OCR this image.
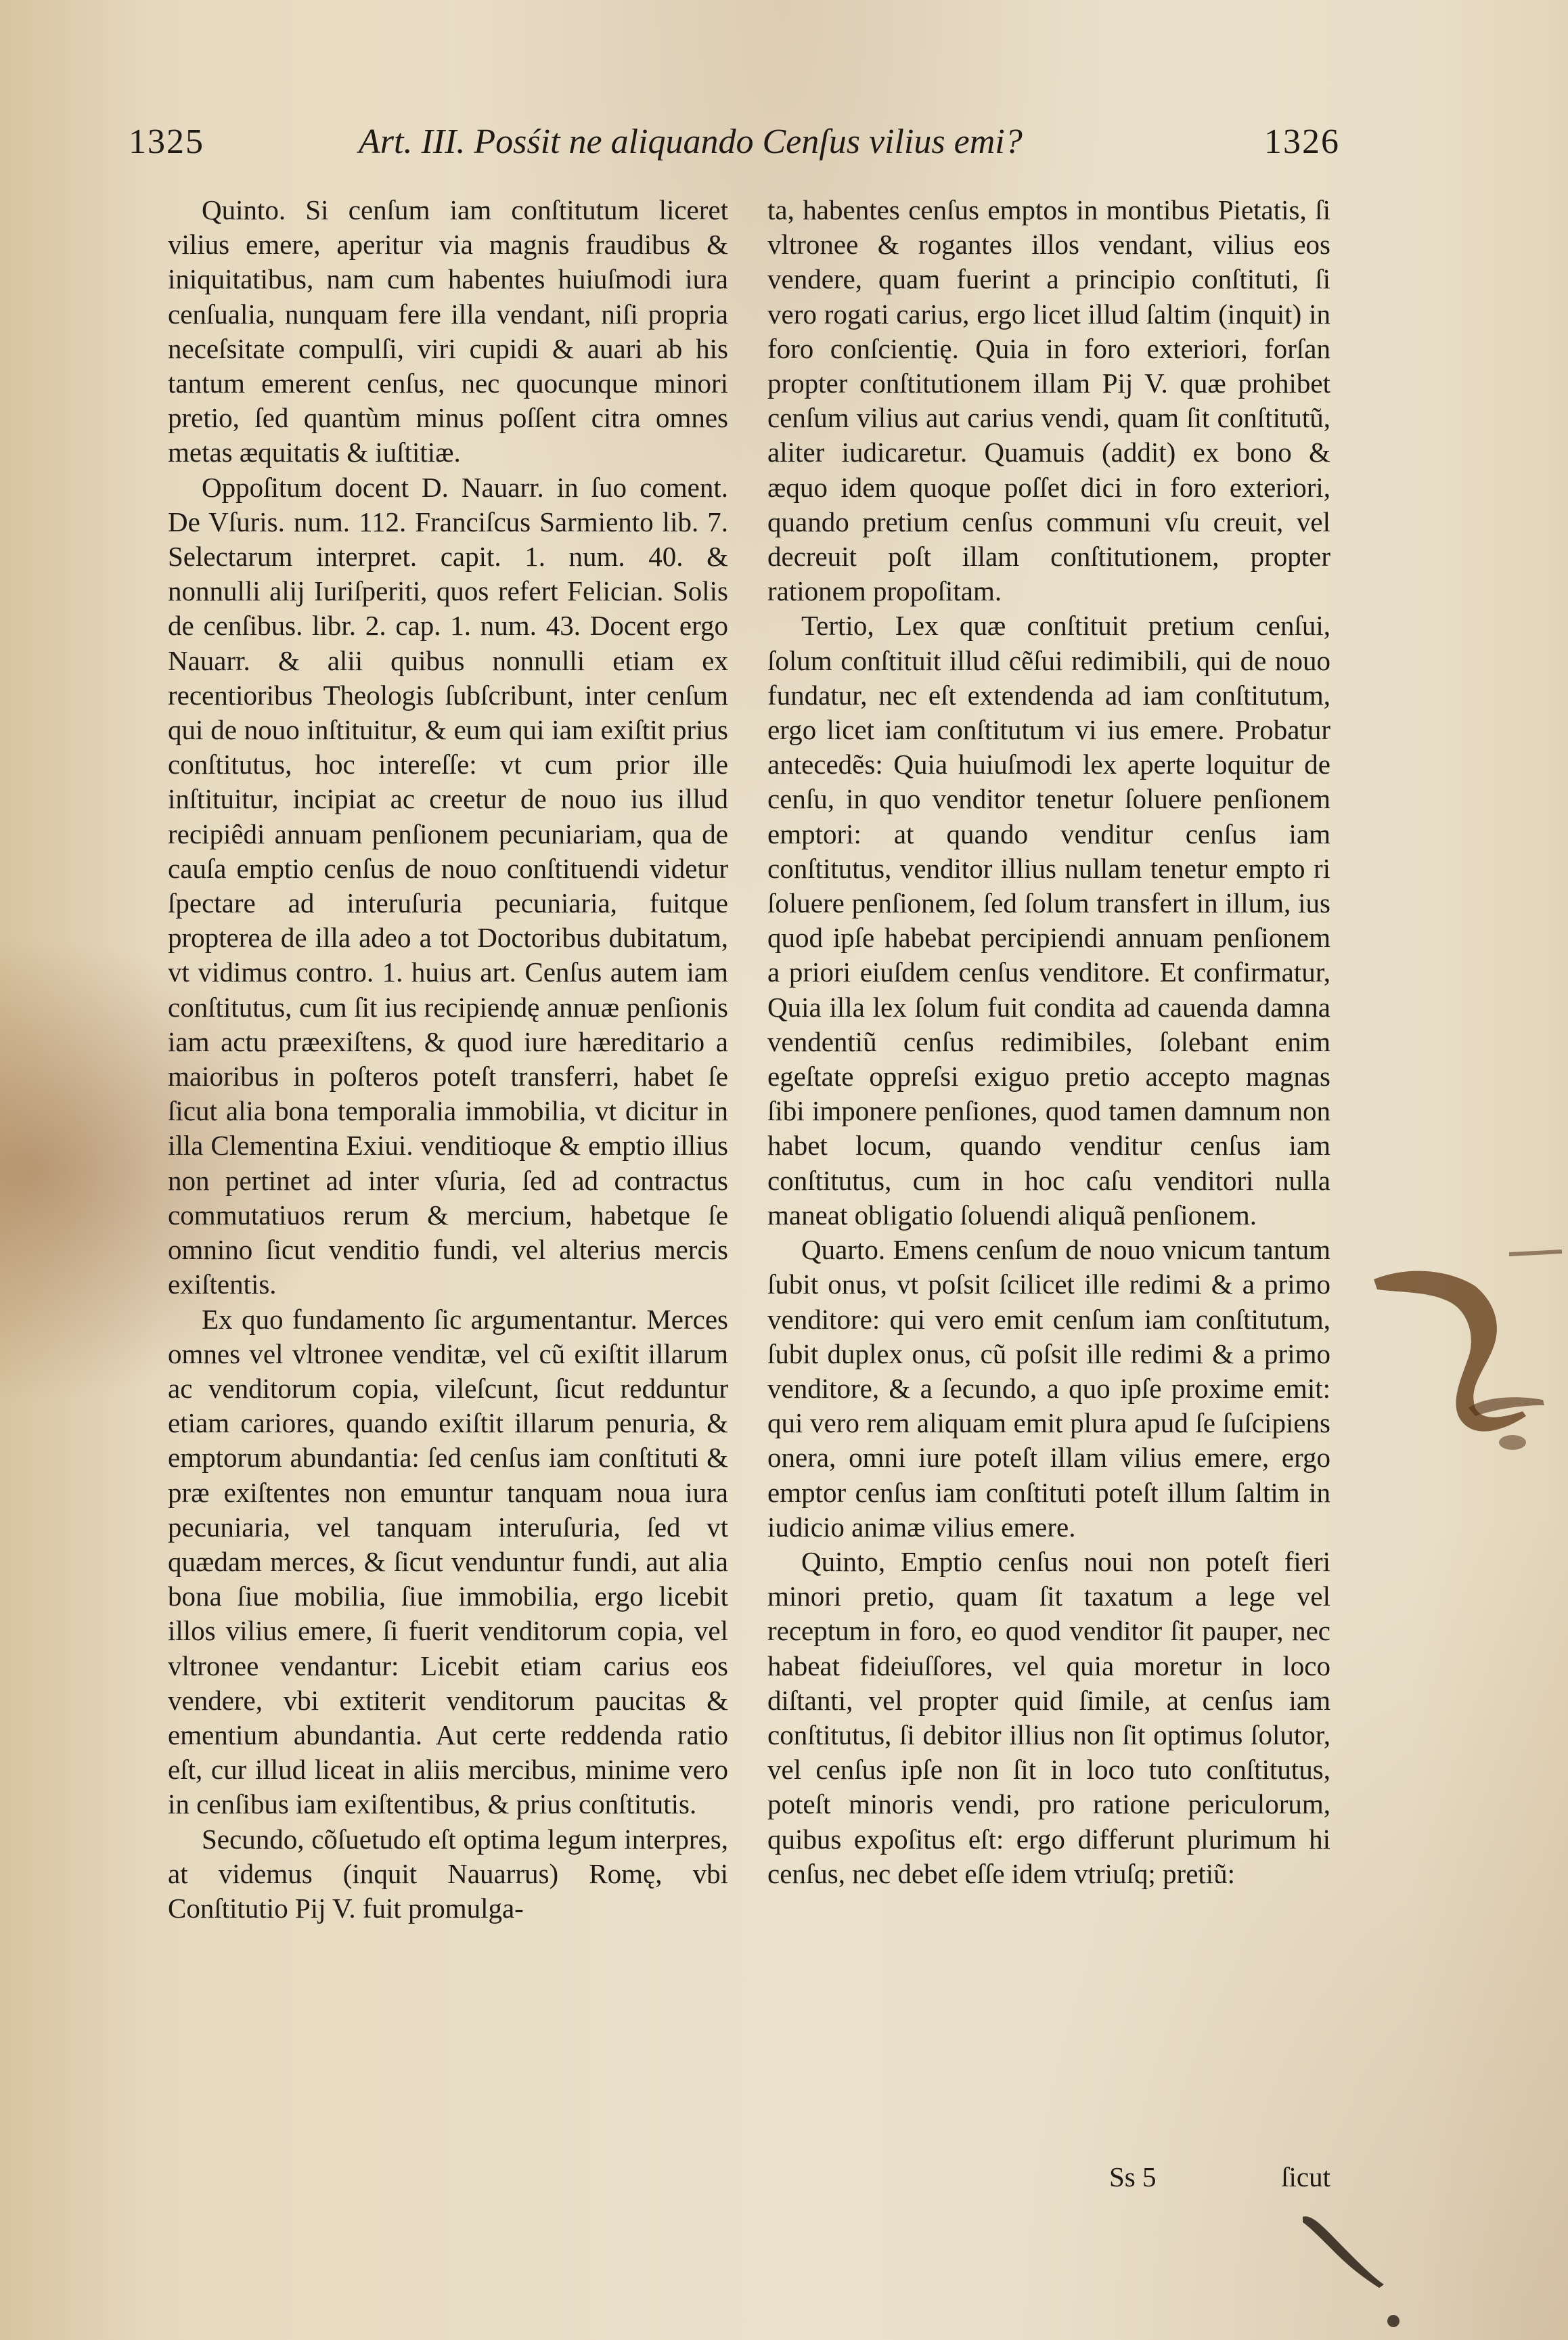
1325	Art. III. Posśit ne aliquando Cenſus vilius emi?	1326

Quinto. Si cenſum iam conſtitutum liceret vilius emere, aperitur via magnis fraudibus & iniquitatibus, nam cum habentes huiuſmodi iura cenſualia, nunquam fere illa vendant, niſi propria neceſsitate compulſi, viri cupidi & auari ab his tantum emerent cenſus, nec quocunque minori pretio, ſed quantùm minus poſſent citra omnes metas æquitatis & iuſtitiæ.

Oppoſitum docent D. Nauarr. in ſuo coment. De Vſuris. num. 112. Franciſcus Sarmiento lib. 7. Selectarum interpret. capit. 1. num. 40. & nonnulli alij Iuriſperiti, quos refert Felician. Solis de cenſibus. libr. 2. cap. 1. num. 43. Docent ergo Nauarr. & alii quibus nonnulli etiam ex recentioribus Theologis ſubſcribunt, inter cenſum qui de nouo inſtituitur, & eum qui iam exiſtit prius conſtitutus, hoc intereſſe: vt cum prior ille inſtituitur, incipiat ac creetur de nouo ius illud recipiêdi annuam penſionem pecuniariam, qua de cauſa emptio cenſus de nouo conſtituendi videtur ſpectare ad interuſuria pecuniaria, fuitque propterea de illa adeo a tot Doctoribus dubitatum, vt vidimus contro. 1. huius art. Cenſus autem iam conſtitutus, cum ſit ius recipiendę annuæ penſionis iam actu præexiſtens, & quod iure hæreditario a maioribus in poſteros poteſt transferri, habet ſe ſicut alia bona temporalia immobilia, vt dicitur in illa Clementina Exiui. venditioque & emptio illius non pertinet ad inter vſuria, ſed ad contractus commutatiuos rerum & mercium, habetque ſe omnino ſicut venditio fundi, vel alterius mercis exiſtentis.

Ex quo fundamento ſic argumentantur. Merces omnes vel vltronee venditæ, vel cũ exiſtit illarum ac venditorum copia, vileſcunt, ſicut redduntur etiam cariores, quando exiſtit illarum penuria, & emptorum abundantia: ſed cenſus iam conſtituti & præ exiſtentes non emuntur tanquam noua iura pecuniaria, vel tanquam interuſuria, ſed vt quædam merces, & ſicut venduntur fundi, aut alia bona ſiue mobilia, ſiue immobilia, ergo licebit illos vilius emere, ſi fuerit venditorum copia, vel vltronee vendantur: Licebit etiam carius eos vendere, vbi extiterit venditorum paucitas & ementium abundantia. Aut certe reddenda ratio eſt, cur illud liceat in aliis mercibus, minime vero in cenſibus iam exiſtentibus, & prius conſtitutis.

Secundo, cõſuetudo eſt optima legum interpres, at videmus (inquit Nauarrus) Romę, vbi Conſtitutio Pij V. fuit promulga-

ta, habentes cenſus emptos in montibus Pietatis, ſi vltronee & rogantes illos vendant, vilius eos vendere, quam fuerint a principio conſtituti, ſi vero rogati carius, ergo licet illud ſaltim (inquit) in foro conſcientię. Quia in foro exteriori, forſan propter conſtitutionem illam Pij V. quæ prohibet cenſum vilius aut carius vendi, quam ſit conſtitutũ, aliter iudicaretur. Quamuis (addit) ex bono & æquo idem quoque poſſet dici in foro exteriori, quando pretium cenſus communi vſu creuit, vel decreuit poſt illam conſtitutionem, propter rationem propoſitam.

Tertio, Lex quæ conſtituit pretium cenſui, ſolum conſtituit illud cẽſui redimibili, qui de nouo fundatur, nec eſt extendenda ad iam conſtitutum, ergo licet iam conſtitutum vi ius emere. Probatur antecedẽs: Quia huiuſmodi lex aperte loquitur de cenſu, in quo venditor tenetur ſoluere penſionem emptori: at quando venditur cenſus iam conſtitutus, venditor illius nullam tenetur empto ri ſoluere penſionem, ſed ſolum transfert in illum, ius quod ipſe habebat percipiendi annuam penſionem a priori eiuſdem cenſus venditore. Et confirmatur, Quia illa lex ſolum fuit condita ad cauenda damna vendentiũ cenſus redimibiles, ſolebant enim egeſtate oppreſsi exiguo pretio accepto magnas ſibi imponere penſiones, quod tamen damnum non habet locum, quando venditur cenſus iam conſtitutus, cum in hoc caſu venditori nulla maneat obligatio ſoluendi aliquã penſionem.

Quarto. Emens cenſum de nouo vnicum tantum ſubit onus, vt poſsit ſcilicet ille redimi & a primo venditore: qui vero emit cenſum iam conſtitutum, ſubit duplex onus, cũ poſsit ille redimi & a primo venditore, & a ſecundo, a quo ipſe proxime emit: qui vero rem aliquam emit plura apud ſe ſuſcipiens onera, omni iure poteſt illam vilius emere, ergo emptor cenſus iam conſtituti poteſt illum ſaltim in iudicio animæ vilius emere.

Quinto, Emptio cenſus noui non poteſt fieri minori pretio, quam ſit taxatum a lege vel receptum in foro, eo quod venditor ſit pauper, nec habeat fideiuſſores, vel quia moretur in loco diſtanti, vel propter quid ſimile, at cenſus iam conſtitutus, ſi debitor illius non ſit optimus ſolutor, vel cenſus ipſe non ſit in loco tuto conſtitutus, poteſt minoris vendi, pro ratione periculorum, quibus expoſitus eſt: ergo differunt plurimum hi cenſus, nec debet eſſe idem vtriuſq; pretiũ:

Ss 5	ſicut
